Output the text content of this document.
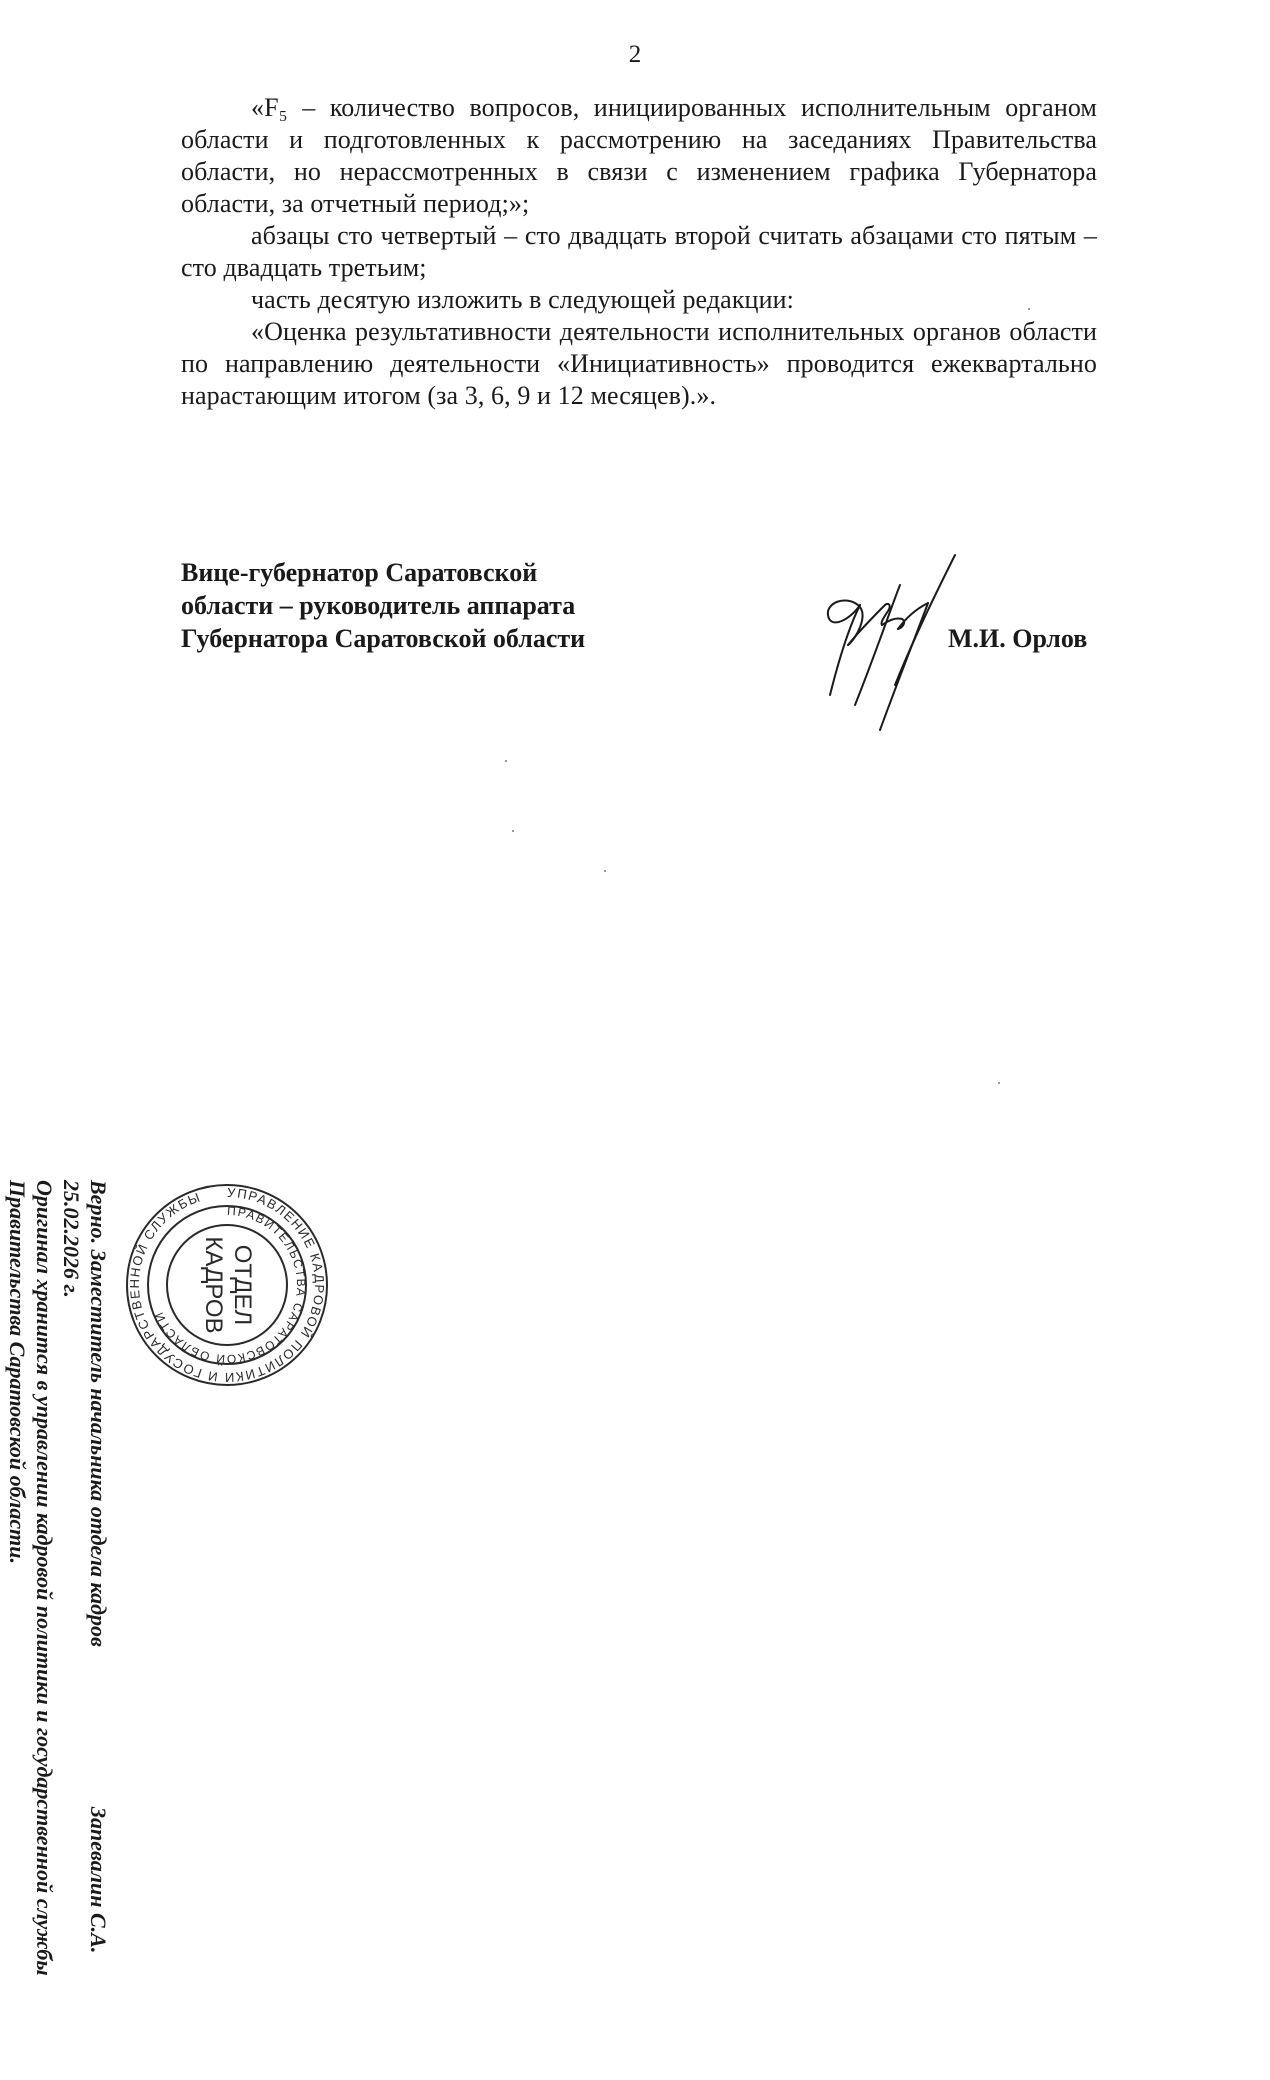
2

«F₅ – количество вопросов, инициированных исполнительным органом области и подготовленных к рассмотрению на заседаниях Правительства области, но нерассмотренных в связи с изменением графика Губернатора области, за отчетный период;»;

абзацы сто четвертый – сто двадцать второй считать абзацами сто пятым – сто двадцать третьим;

часть десятую изложить в следующей редакции:

«Оценка результативности деятельности исполнительных органов области по направлению деятельности «Инициативность» проводится ежеквартально нарастающим итогом (за 3, 6, 9 и 12 месяцев).».

Вице-губернатор Саратовской
области – руководитель аппарата
Губернатора Саратовской области	М.И. Орлов
Верно. Заместитель начальника отдела кадровЗапевалин С.А.
25.02.2026 г.
Оригинал хранится в управлении кадровой политики и государственной службы
Правительства Саратовской области.	УПРАВЛЕНИЕ КАДРОВОЙ ПОЛИТИКИ И ГОСУДАРСТВЕННОЙ СЛУЖБЫ
ПРАВИТЕЛЬСТВА САРАТОВСКОЙ ОБЛАСТИ	ОТДЕЛ
КАДРОВ
